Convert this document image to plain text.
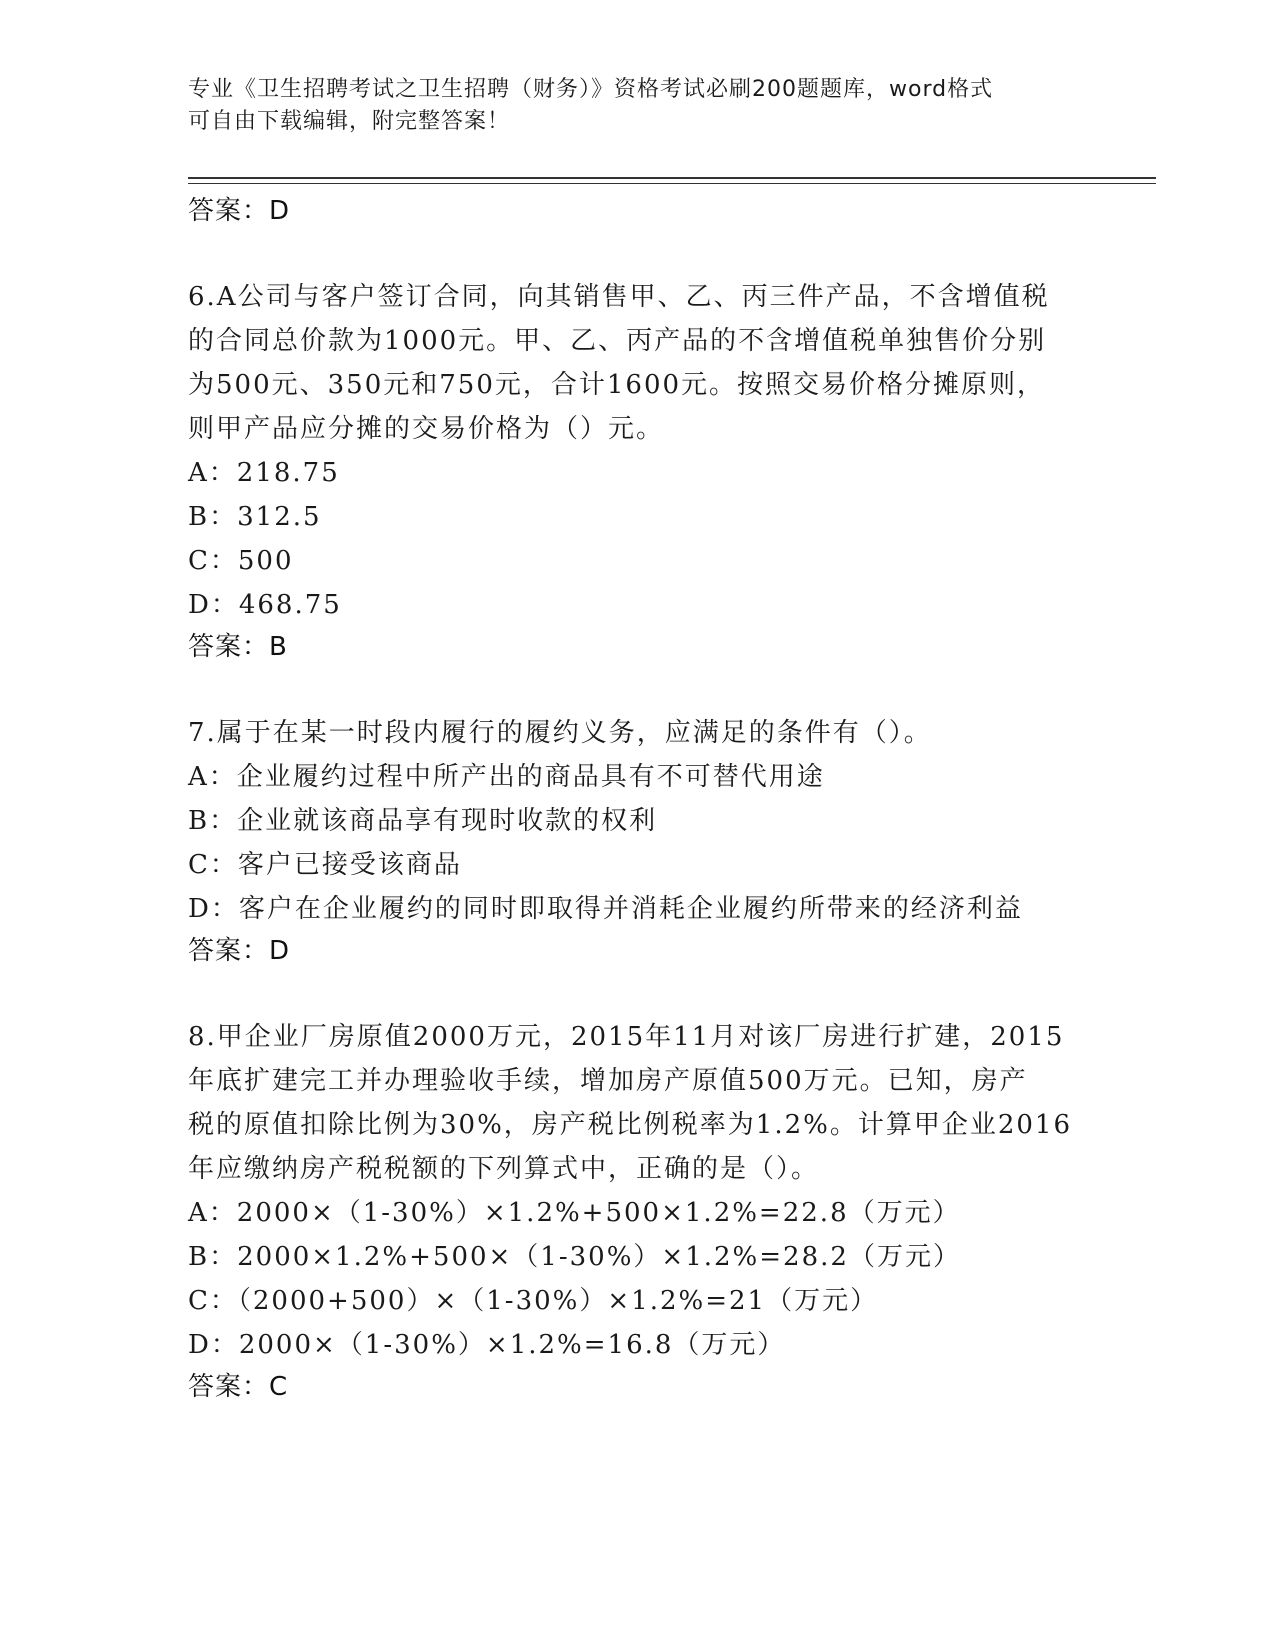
专业《卫生招聘考试之卫生招聘（财务）》资格考试必刷200题题库，word格式
可自由下载编辑，附完整答案！
答案：D
6.A公司与客户签订合同，向其销售甲、乙、丙三件产品，不含增值税
的合同总价款为1000元。甲、乙、丙产品的不含增值税单独售价分别
为500元、350元和750元，合计1600元。按照交易价格分摊原则，
则甲产品应分摊的交易价格为（）元。
A：218.75
B：312.5
C：500
D：468.75
答案：B
7.属于在某一时段内履行的履约义务，应满足的条件有（）。
A：企业履约过程中所产出的商品具有不可替代用途
B：企业就该商品享有现时收款的权利
C：客户已接受该商品
D：客户在企业履约的同时即取得并消耗企业履约所带来的经济利益
答案：D
8.甲企业厂房原值2000万元，2015年11月对该厂房进行扩建，2015
年底扩建完工并办理验收手续，增加房产原值500万元。已知，房产
税的原值扣除比例为30%，房产税比例税率为1.2%。计算甲企业2016
年应缴纳房产税税额的下列算式中，正确的是（）。
A：2000×（1-30%）×1.2%+500×1.2%=22.8（万元）
B：2000×1.2%+500×（1-30%）×1.2%=28.2（万元）
C：（2000+500）×（1-30%）×1.2%=21（万元）
D：2000×（1-30%）×1.2%=16.8（万元）
答案：C
